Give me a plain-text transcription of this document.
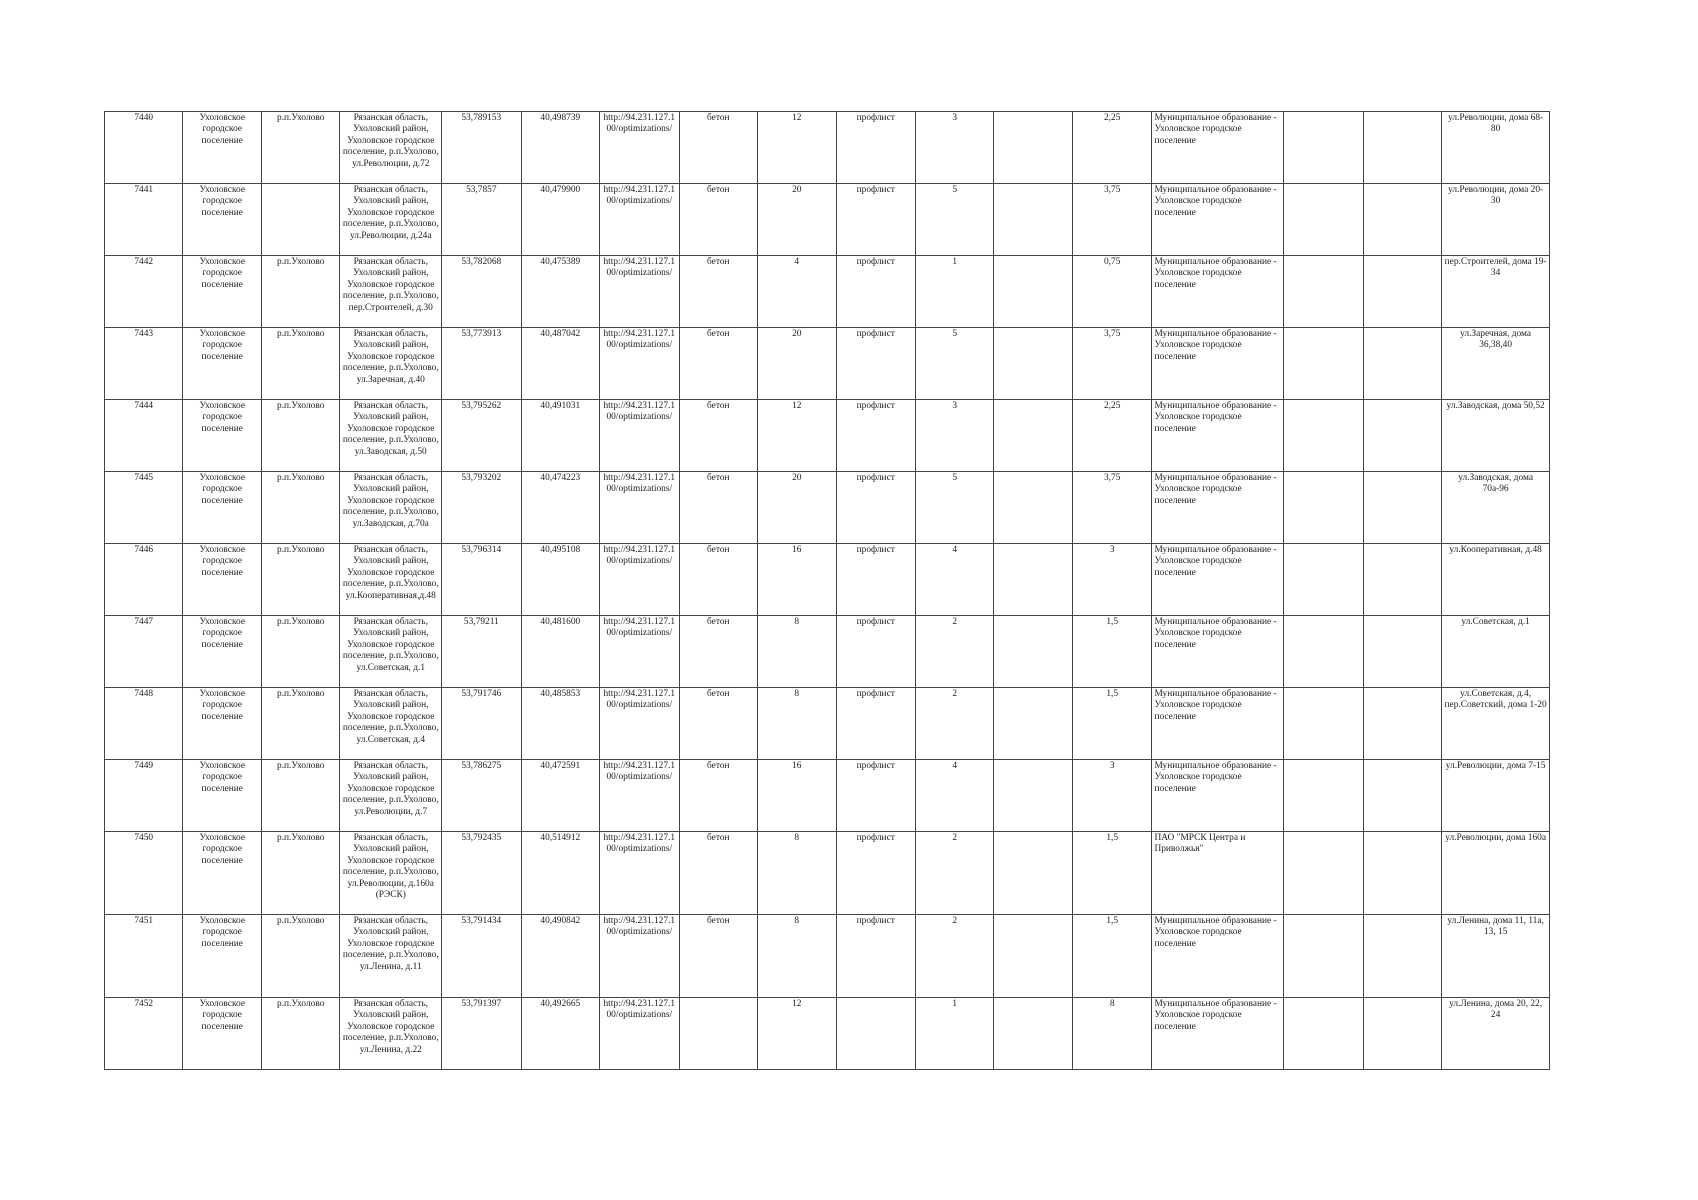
7440	Ухоловское городское поселение	р.п.Ухолово	Рязанская область, Ухоловский район, Ухоловское городское поселение, р.п.Ухолово, ул.Революции, д.72	53,789153	40,498739	http://94.231.127.100/optimizations/	бетон	12	профлист	3		2,25	Муниципальное образование - Ухоловское городское поселение			ул.Революции, дома 68-80
7441	Ухоловское городское поселение		Рязанская область, Ухоловский район, Ухоловское городское поселение, р.п.Ухолово, ул.Революции, д.24а	53,7857	40,479900	http://94.231.127.100/optimizations/	бетон	20	профлист	5		3,75	Муниципальное образование - Ухоловское городское поселение			ул.Революции, дома 20-30
7442	Ухоловское городское поселение	р.п.Ухолово	Рязанская область, Ухоловский район, Ухоловское городское поселение, р.п.Ухолово, пер.Строителей, д.30	53,782068	40,475389	http://94.231.127.100/optimizations/	бетон	4	профлист	1		0,75	Муниципальное образование - Ухоловское городское поселение			пер.Строителей, дома 19-34
7443	Ухоловское городское поселение	р.п.Ухолово	Рязанская область, Ухоловский район, Ухоловское городское поселение, р.п.Ухолово, ул.Заречная, д.40	53,773913	40,487042	http://94.231.127.100/optimizations/	бетон	20	профлист	5		3,75	Муниципальное образование - Ухоловское городское поселение			ул.Заречная, дома 36,38,40
7444	Ухоловское городское поселение	р.п.Ухолово	Рязанская область, Ухоловский район, Ухоловское городское поселение, р.п.Ухолово, ул.Заводская, д.50	53,795262	40,491031	http://94.231.127.100/optimizations/	бетон	12	профлист	3		2,25	Муниципальное образование - Ухоловское городское поселение			ул.Заводская, дома 50,52
7445	Ухоловское городское поселение	р.п.Ухолово	Рязанская область, Ухоловский район, Ухоловское городское поселение, р.п.Ухолово, ул.Заводская, д.70а	53,793202	40,474223	http://94.231.127.100/optimizations/	бетон	20	профлист	5		3,75	Муниципальное образование - Ухоловское городское поселение			ул.Заводская, дома 70а-96
7446	Ухоловское городское поселение	р.п.Ухолово	Рязанская область, Ухоловский район, Ухоловское городское поселение, р.п.Ухолово, ул.Кооперативная,д.48	53,796314	40,495108	http://94.231.127.100/optimizations/	бетон	16	профлист	4		3	Муниципальное образование - Ухоловское городское поселение			ул.Кооперативная, д.48
7447	Ухоловское городское поселение	р.п.Ухолово	Рязанская область, Ухоловский район, Ухоловское городское поселение, р.п.Ухолово, ул.Советская, д.1	53,79211	40,481600	http://94.231.127.100/optimizations/	бетон	8	профлист	2		1,5	Муниципальное образование - Ухоловское городское поселение			ул.Советская, д.1
7448	Ухоловское городское поселение	р.п.Ухолово	Рязанская область, Ухоловский район, Ухоловское городское поселение, р.п.Ухолово, ул.Советская, д.4	53,791746	40,485853	http://94.231.127.100/optimizations/	бетон	8	профлист	2		1,5	Муниципальное образование - Ухоловское городское поселение			ул.Советская, д.4, пер.Советский, дома 1-20
7449	Ухоловское городское поселение	р.п.Ухолово	Рязанская область, Ухоловский район, Ухоловское городское поселение, р.п.Ухолово, ул.Революции, д.7	53,786275	40,472591	http://94.231.127.100/optimizations/	бетон	16	профлист	4		3	Муниципальное образование - Ухоловское городское поселение			ул.Революции, дома 7-15
7450	Ухоловское городское поселение	р.п.Ухолово	Рязанская область, Ухоловский район, Ухоловское городское поселение, р.п.Ухолово, ул.Революции, д.160а (РЭСК)	53,792435	40,514912	http://94.231.127.100/optimizations/	бетон	8	профлист	2		1,5	ПАО "МРСК Центра и Приволжья"			ул.Революции, дома 160а
7451	Ухоловское городское поселение	р.п.Ухолово	Рязанская область, Ухоловский район, Ухоловское городское поселение, р.п.Ухолово, ул.Ленина, д.11	53,791434	40,490842	http://94.231.127.100/optimizations/	бетон	8	профлист	2		1,5	Муниципальное образование - Ухоловское городское поселение			ул.Ленина, дома 11, 11а, 13, 15
7452	Ухоловское городское поселение	р.п.Ухолово	Рязанская область, Ухоловский район, Ухоловское городское поселение, р.п.Ухолово, ул.Ленина, д.22	53,791397	40,492665	http://94.231.127.100/optimizations/		12		1		8	Муниципальное образование - Ухоловское городское поселение			ул.Ленина, дома 20, 22, 24
